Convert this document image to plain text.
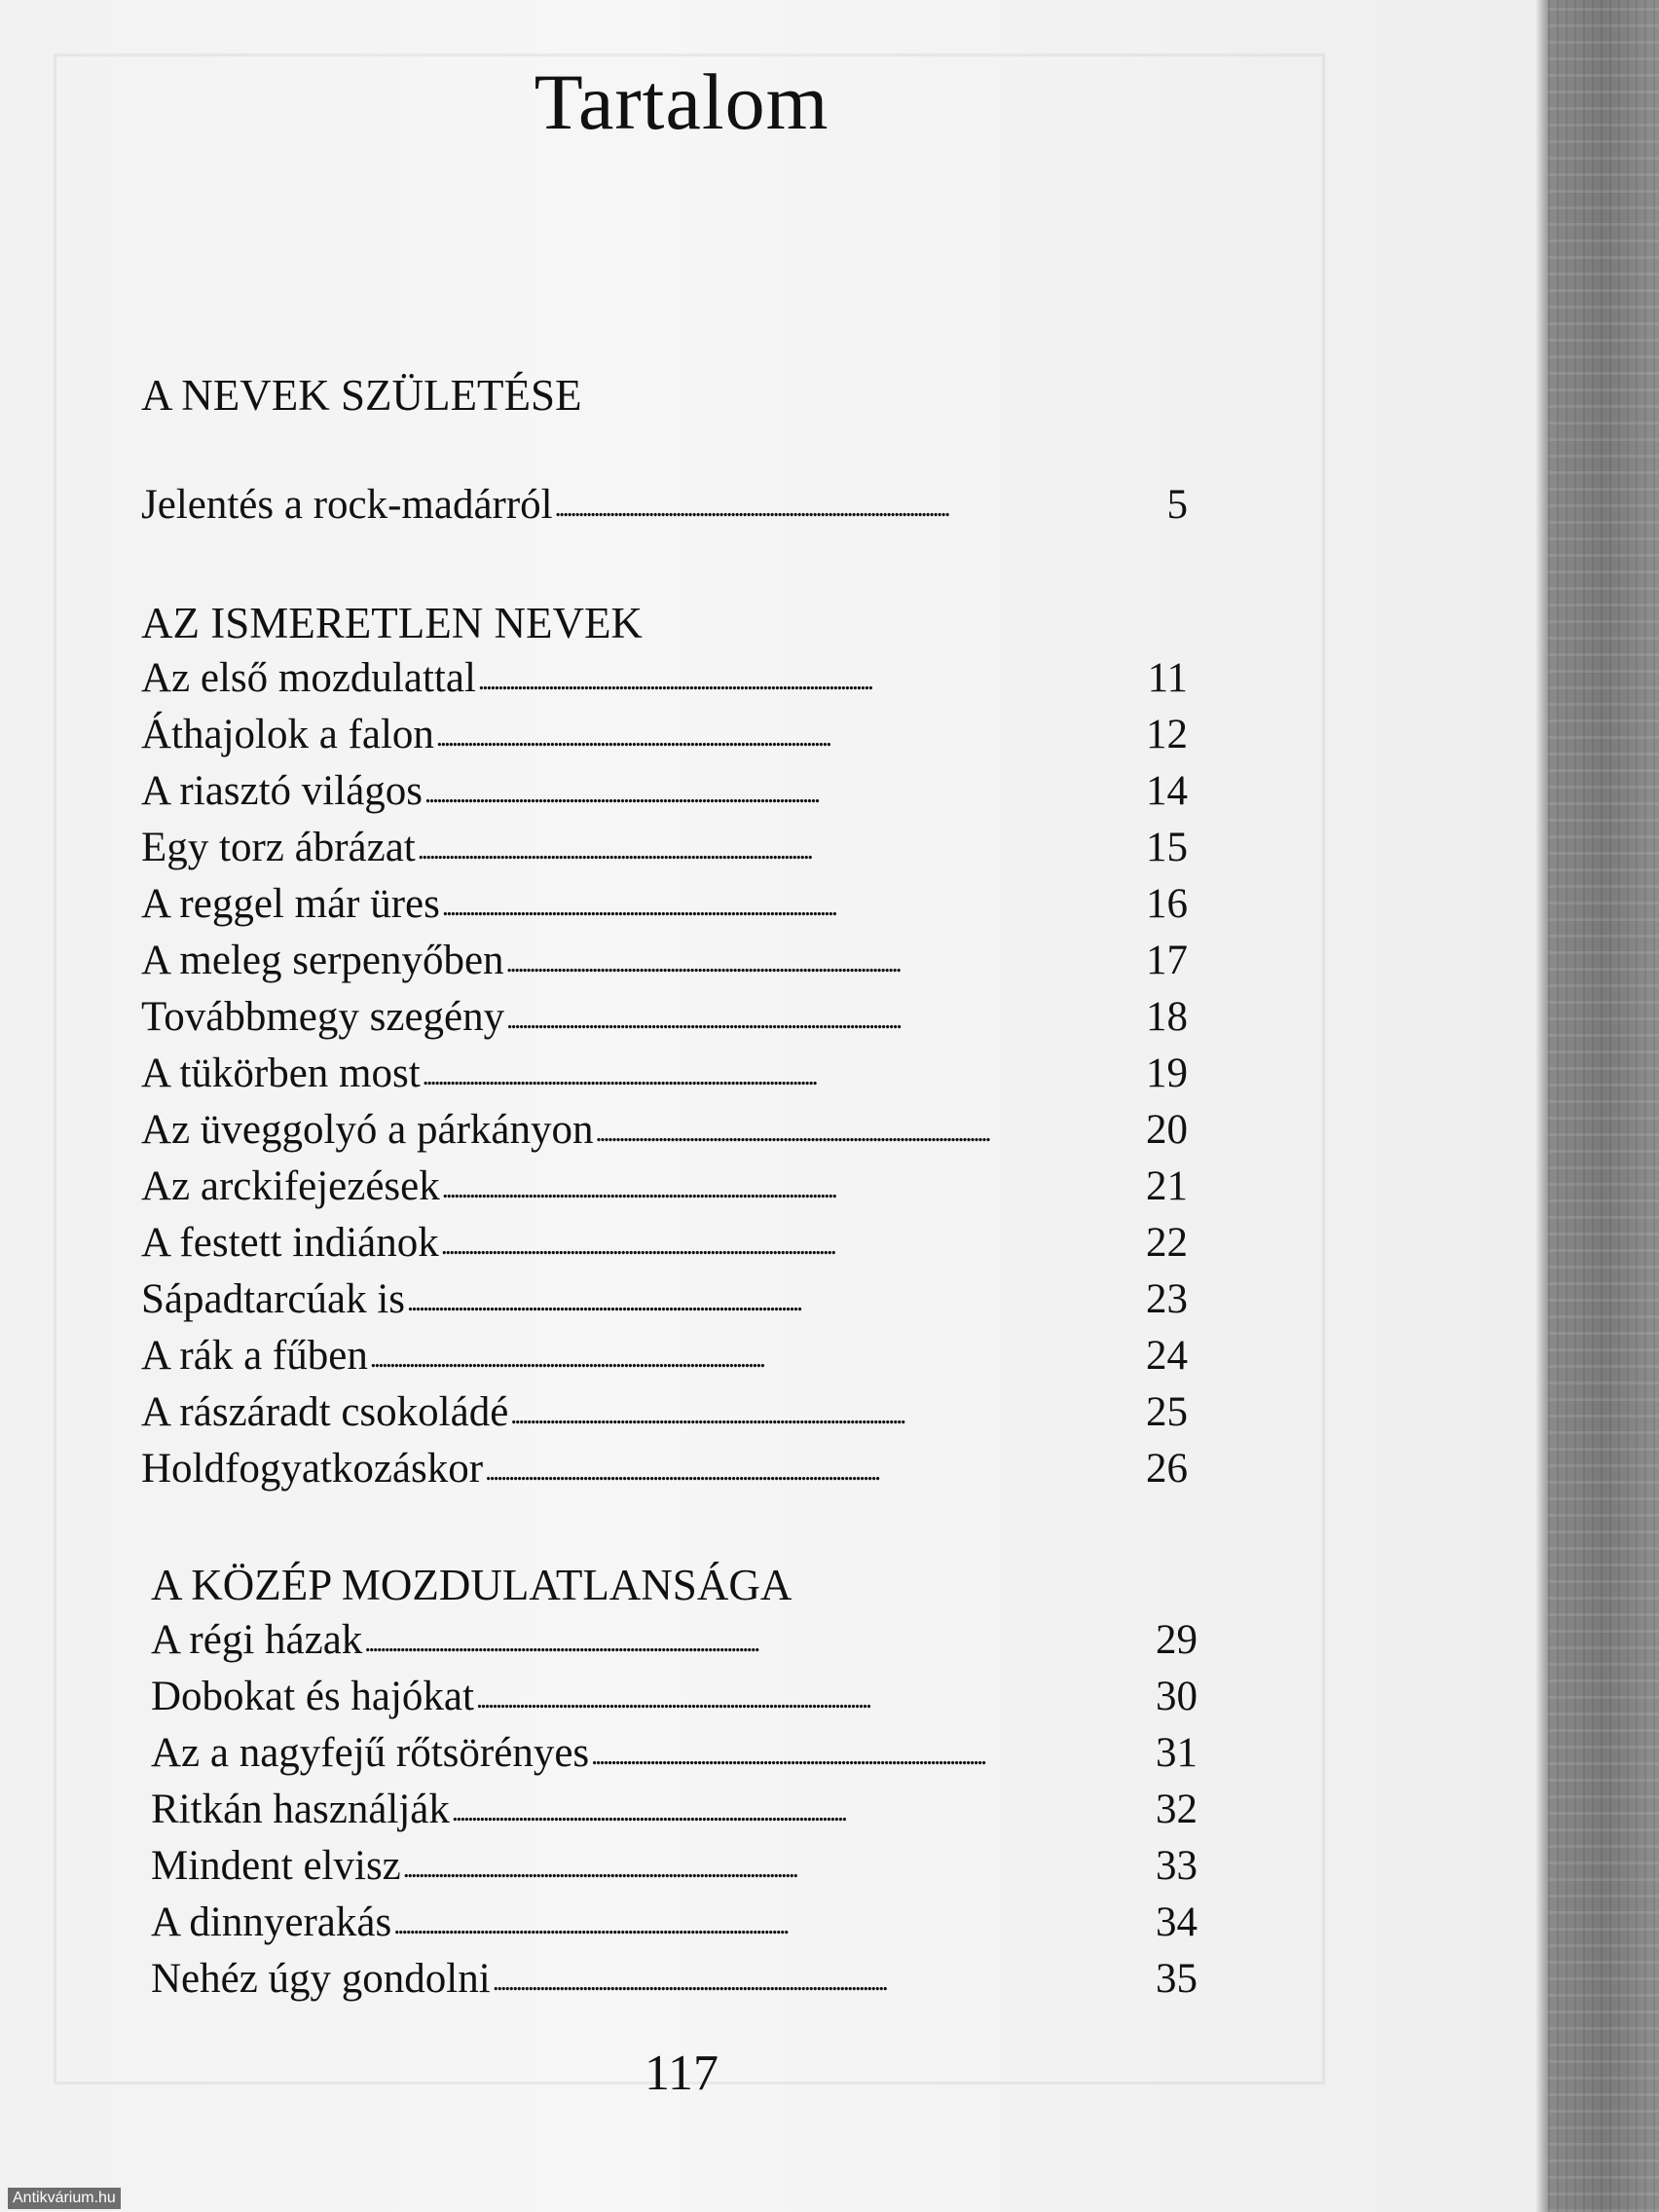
Tartalom
A NEVEK SZÜLETÉSE
Jelentés a rock-madárról . . .	5
AZ ISMERETLEN NEVEK
Az első mozdulattal . . .	11
Áthajolok a falon . . .	12
A riasztó világos . . .	14
Egy torz ábrázat . . .	15
A reggel már üres . . .	16
A meleg serpenyőben . . .	17
Továbbmegy szegény . . .	18
A tükörben most . . .	19
Az üveggolyó a párkányon . . .	20
Az arckifejezések . . .	21
A festett indiánok . . .	22
Sápadtarcúak is . . .	23
A rák a fűben . . .	24
A rászáradt csokoládé . . .	25
Holdfogyatkozáskor . . .	26
A KÖZÉP MOZDULATLANSÁGA
A régi házak . . .	29
Dobokat és hajókat . . .	30
Az a nagyfejű rőtsörényes . . .	31
Ritkán használják . . .	32
Mindent elvisz . . .	33
A dinnyerakás . . .	34
Nehéz úgy gondolni . . .	35
117
Antikvárium.hu
